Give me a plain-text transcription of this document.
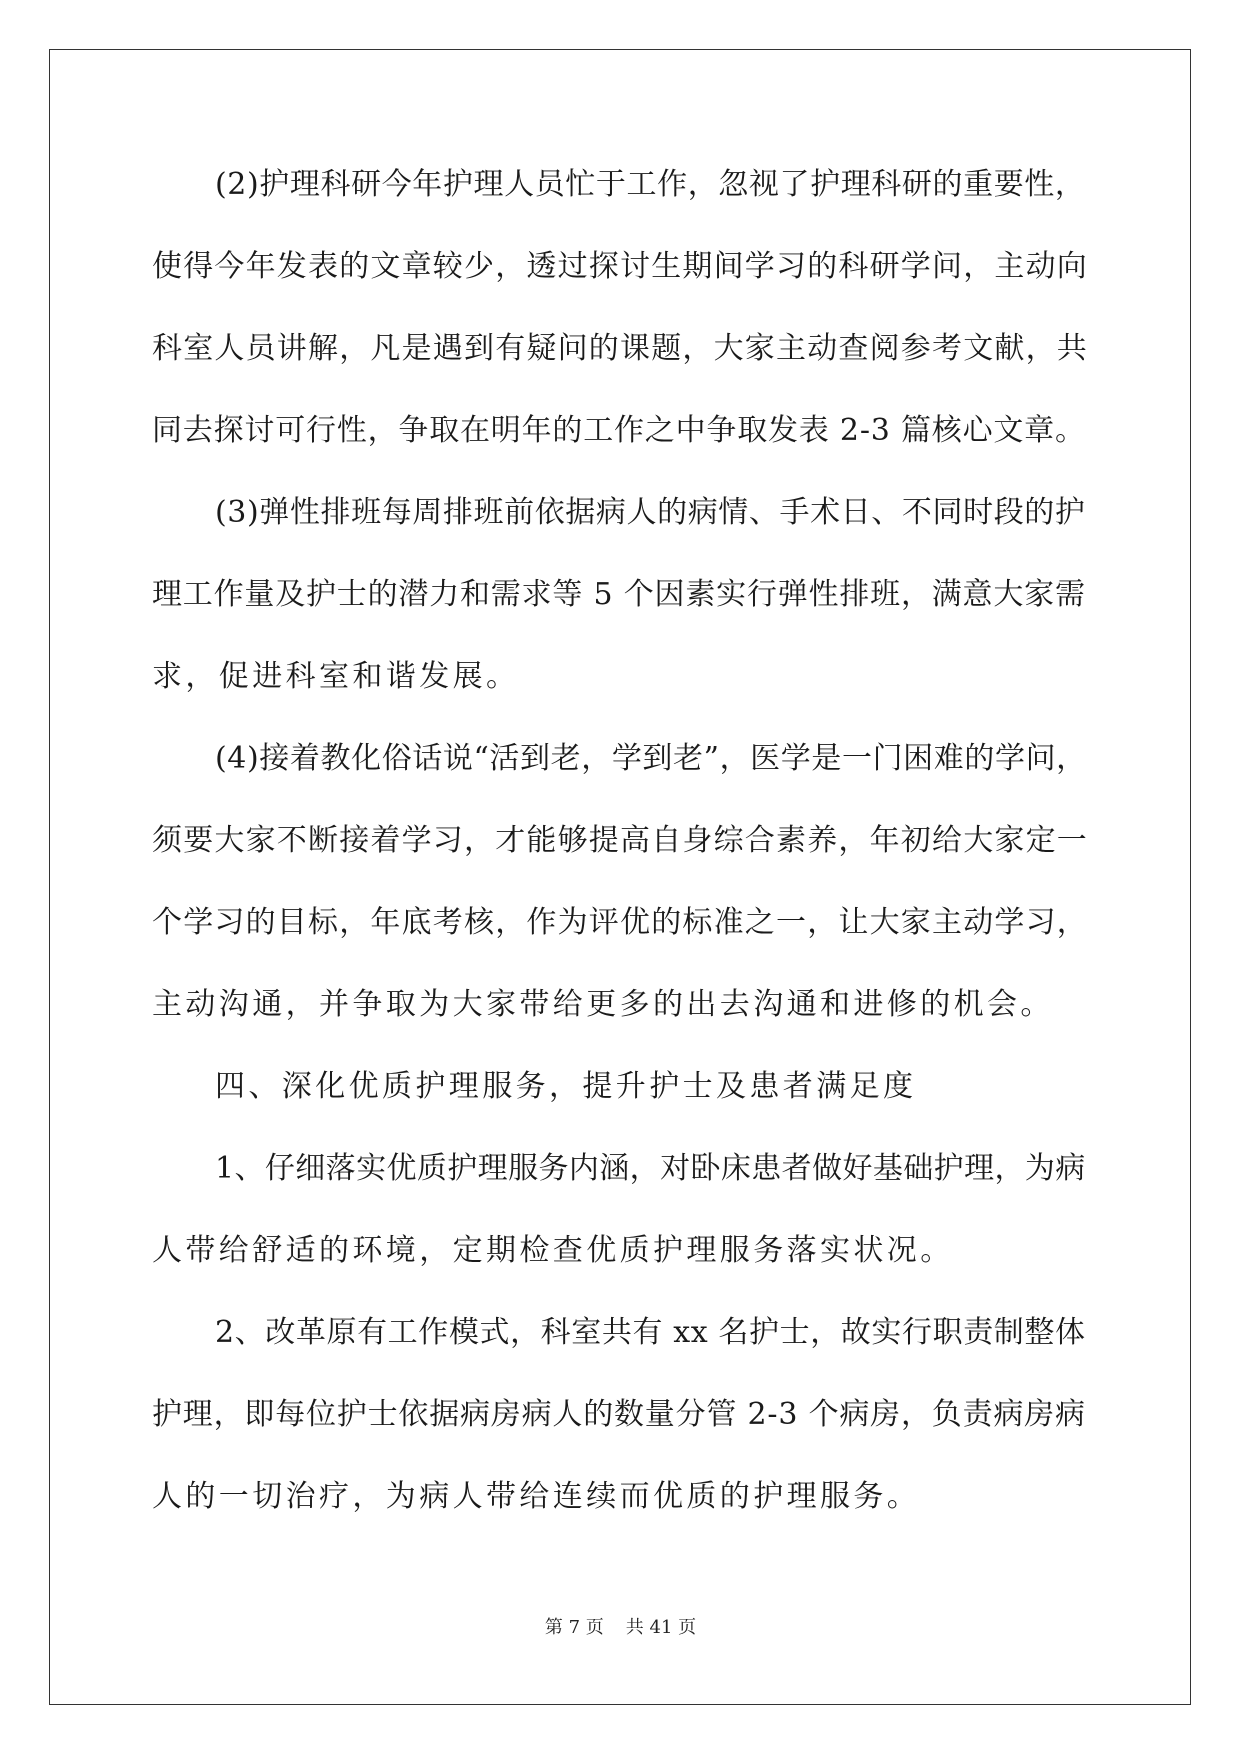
(2)护理科研今年护理人员忙于工作，忽视了护理科研的重要性，
使得今年发表的文章较少，透过探讨生期间学习的科研学问，主动向
科室人员讲解，凡是遇到有疑问的课题，大家主动查阅参考文献，共
同去探讨可行性，争取在明年的工作之中争取发表 2-3 篇核心文章。
(3)弹性排班每周排班前依据病人的病情、手术日、不同时段的护
理工作量及护士的潜力和需求等 5 个因素实行弹性排班，满意大家需
求，促进科室和谐发展。
(4)接着教化俗话说“活到老，学到老”，医学是一门困难的学问，
须要大家不断接着学习，才能够提高自身综合素养，年初给大家定一
个学习的目标，年底考核，作为评优的标准之一，让大家主动学习，
主动沟通，并争取为大家带给更多的出去沟通和进修的机会。
四、深化优质护理服务，提升护士及患者满足度
1、仔细落实优质护理服务内涵，对卧床患者做好基础护理，为病
人带给舒适的环境，定期检查优质护理服务落实状况。
2、改革原有工作模式，科室共有 xx 名护士，故实行职责制整体
护理，即每位护士依据病房病人的数量分管 2-3 个病房，负责病房病
人的一切治疗，为病人带给连续而优质的护理服务。
第 7 页 共 41 页
